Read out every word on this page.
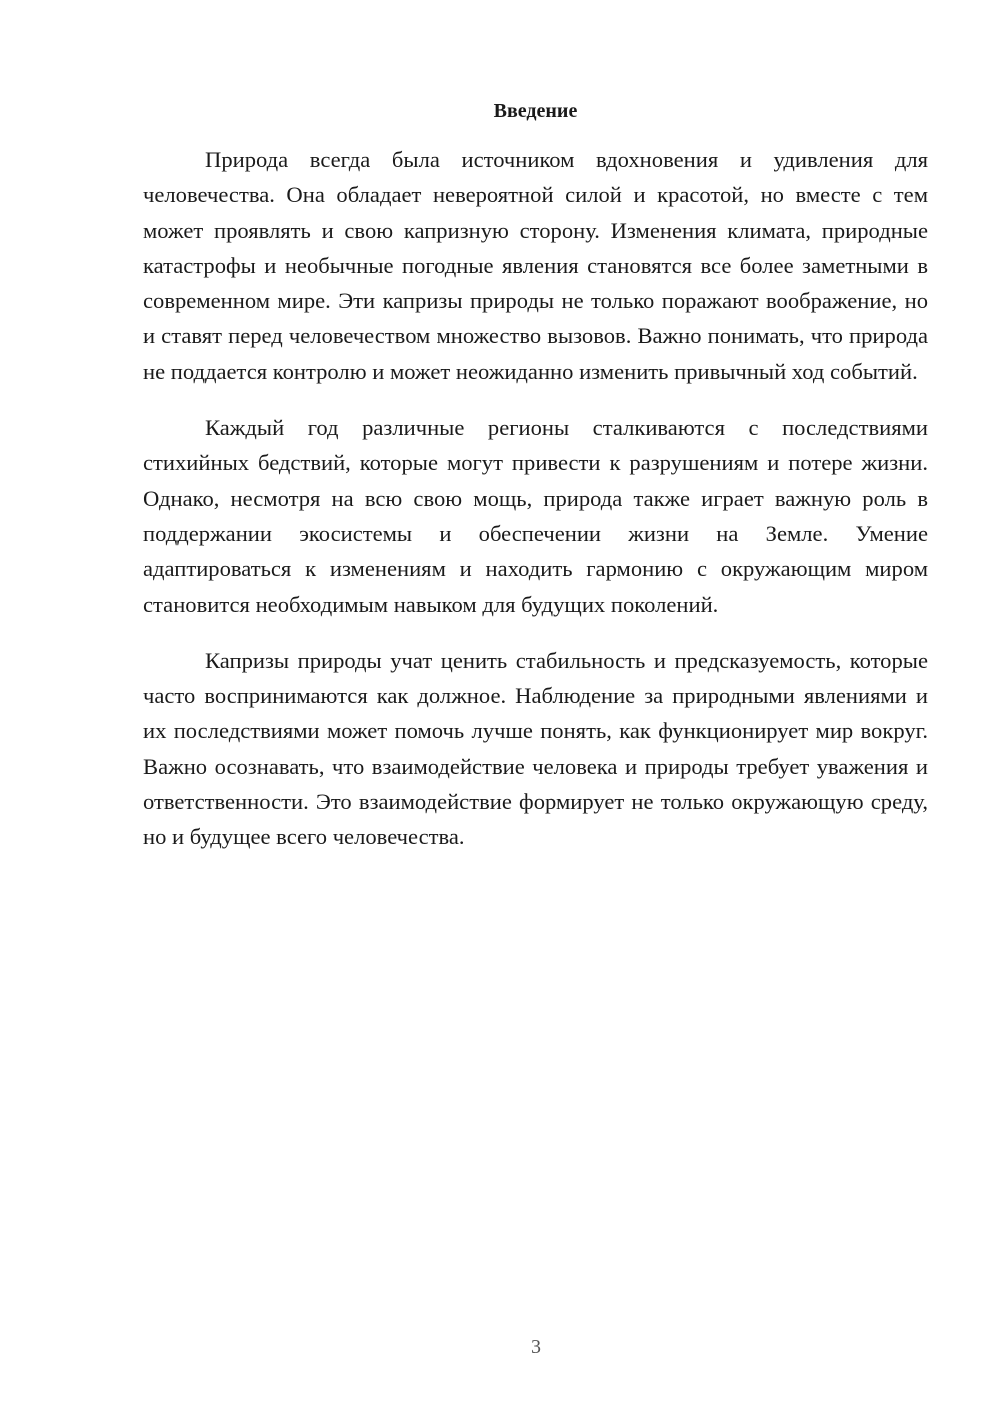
Введение

Природа всегда была источником вдохновения и удивления для человечества. Она обладает невероятной силой и красотой, но вместе с тем может проявлять и свою капризную сторону. Изменения климата, природные катастрофы и необычные погодные явления становятся все более заметными в современном мире. Эти капризы природы не только поражают воображение, но и ставят перед человечеством множество вызовов. Важно понимать, что природа не поддается контролю и может неожиданно изменить привычный ход событий.

Каждый год различные регионы сталкиваются с последствиями стихийных бедствий, которые могут привести к разрушениям и потере жизни. Однако, несмотря на всю свою мощь, природа также играет важную роль в поддержании экосистемы и обеспечении жизни на Земле. Умение адаптироваться к изменениям и находить гармонию с окружающим миром становится необходимым навыком для будущих поколений.

Капризы природы учат ценить стабильность и предсказуемость, которые часто воспринимаются как должное. Наблюдение за природными явлениями и их последствиями может помочь лучше понять, как функционирует мир вокруг. Важно осознавать, что взаимодействие человека и природы требует уважения и ответственности. Это взаимодействие формирует не только окружающую среду, но и будущее всего человечества.

3
